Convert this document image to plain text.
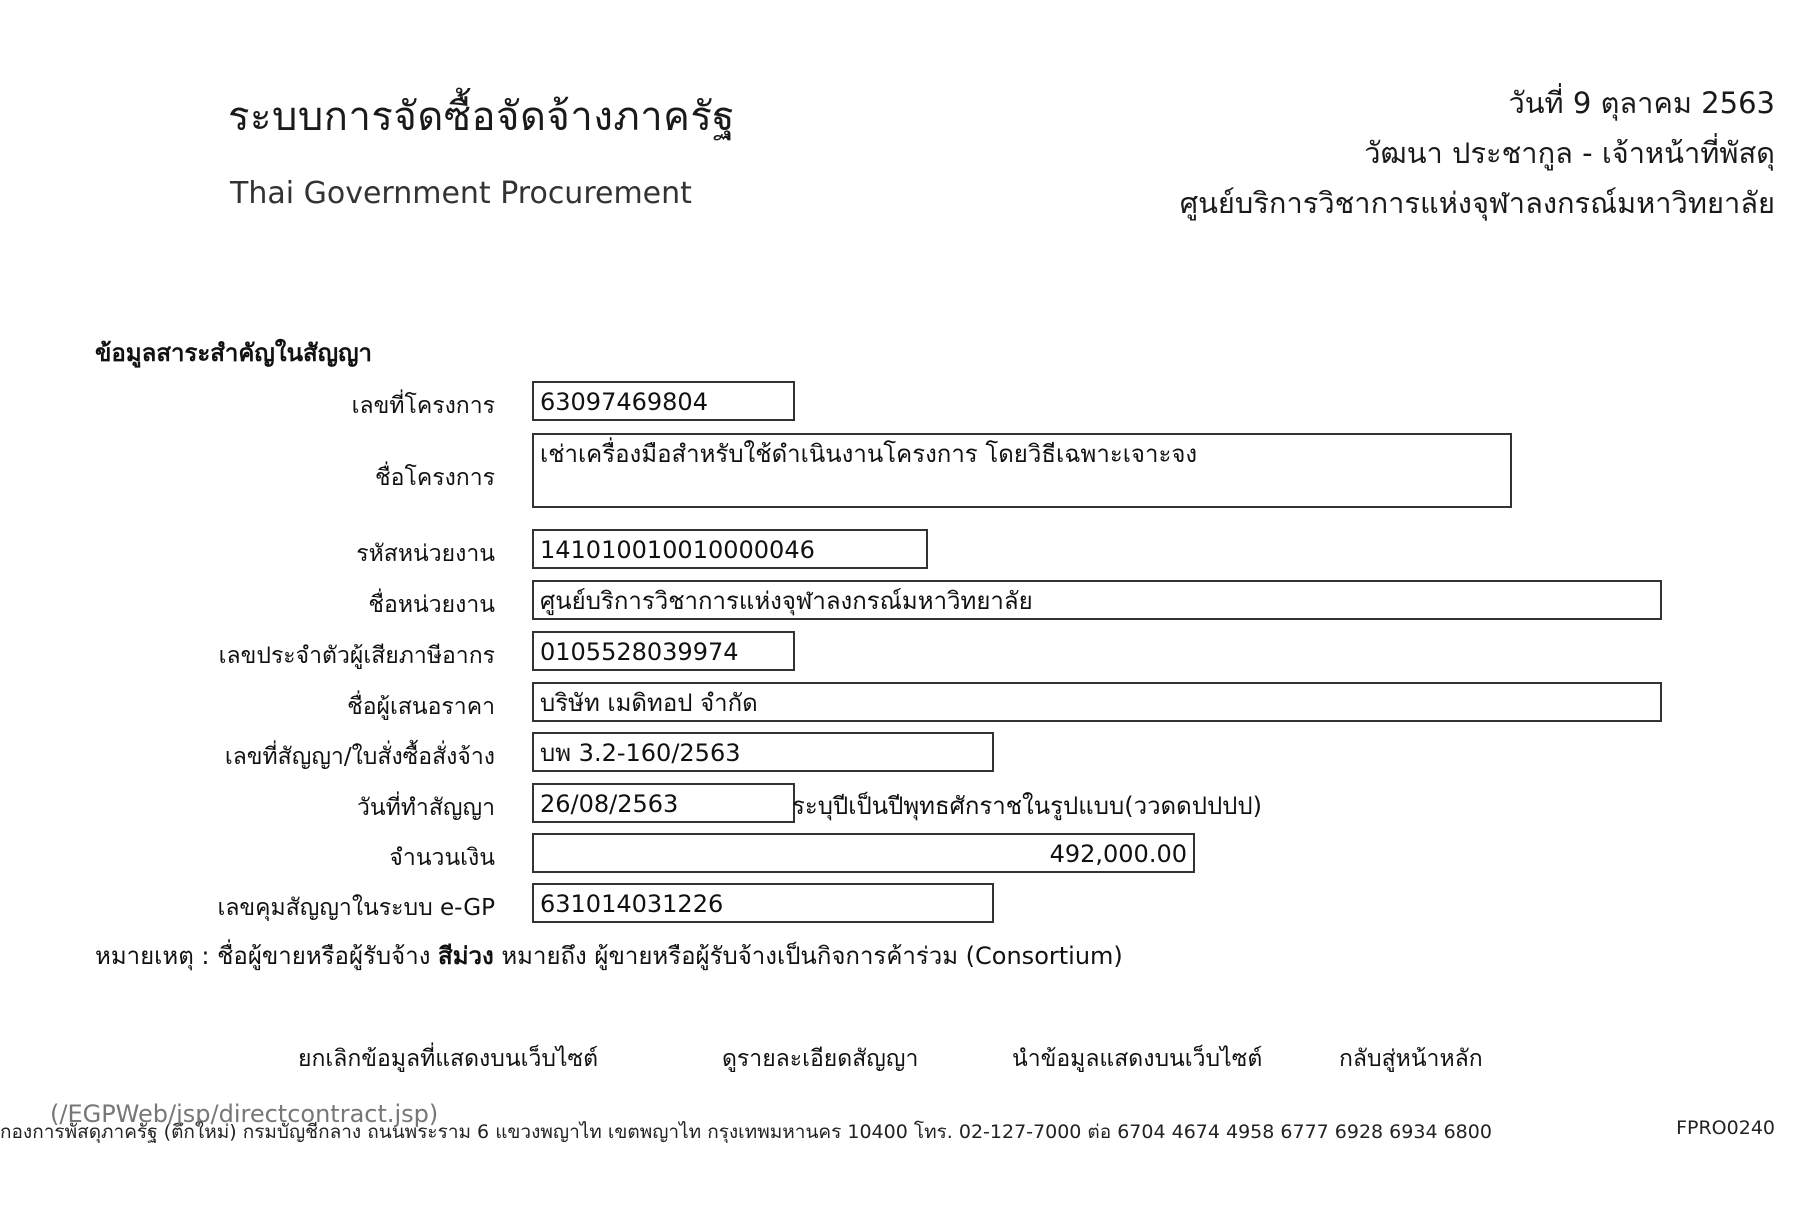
ระบบการจัดซื้อจัดจ้างภาครัฐ
Thai Government Procurement
วันที่ 9 ตุลาคม 2563
วัฒนา ประชากูล - เจ้าหน้าที่พัสดุ
ศูนย์บริการวิชาการแห่งจุฬาลงกรณ์มหาวิทยาลัย
ข้อมูลสาระสำคัญในสัญญา
เลขที่โครงการ	63097469804
ชื่อโครงการ
เช่าเครื่องมือสำหรับใช้ดำเนินงานโครงการ โดยวิธีเฉพาะเจาะจง
รหัสหน่วยงาน	141010010010000046
ชื่อหน่วยงาน	ศูนย์บริการวิชาการแห่งจุฬาลงกรณ์มหาวิทยาลัย
เลขประจำตัวผู้เสียภาษีอากร	0105528039974
ชื่อผู้เสนอราคา	บริษัท เมดิทอป จำกัด
เลขที่สัญญา/ใบสั่งซื้อสั่งจ้าง	บพ 3.2-160/2563
วันที่ทำสัญญา	26/08/2563	ระบุปีเป็นปีพุทธศักราชในรูปแบบ(ววดดปปปป)
จำนวนเงิน	492,000.00
เลขคุมสัญญาในระบบ e-GP	631014031226
หมายเหตุ : ชื่อผู้ขายหรือผู้รับจ้าง สีม่วง หมายถึง ผู้ขายหรือผู้รับจ้างเป็นกิจการค้าร่วม (Consortium)
ยกเลิกข้อมูลที่แสดงบนเว็บไซต์	ดูรายละเอียดสัญญา	นำข้อมูลแสดงบนเว็บไซต์	กลับสู่หน้าหลัก
กองการพัสดุภาครัฐ (ตึกใหม่) กรมบัญชีกลาง ถนนพระราม 6 แขวงพญาไท เขตพญาไท กรุงเทพมหานคร 10400 โทร. 02-127-7000 ต่อ 6704 4674 4958 6777 6928 6934 6800	FPRO0240
(/EGPWeb/jsp/directcontract.jsp)
